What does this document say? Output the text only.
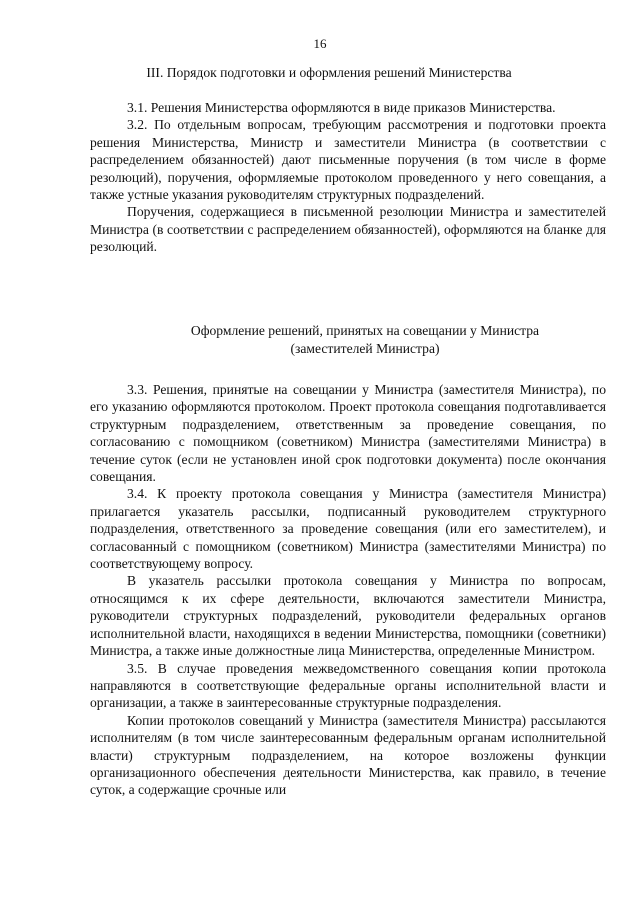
16
III. Порядок подготовки и оформления решений Министерства

3.1. Решения Министерства оформляются в виде приказов Министерства.

3.2. По отдельным вопросам, требующим рассмотрения и подготовки проекта решения Министерства, Министр и заместители Министра (в соответствии с распределением обязанностей) дают письменные поручения (в том числе в форме резолюций), поручения, оформляемые протоколом проведенного у него совещания, а также устные указания руководителям структурных подразделений.

Поручения, содержащиеся в письменной резолюции Министра и заместителей Министра (в соответствии с распределением обязанностей), оформляются на бланке для резолюций.

Оформление решений, принятых на совещании у Министра
(заместителей Министра)

3.3. Решения, принятые на совещании у Министра (заместителя Министра), по его указанию оформляются протоколом. Проект протокола совещания подготавливается структурным подразделением, ответственным за проведение совещания, по согласованию с помощником (советником) Министра (заместителями Министра) в течение суток (если не установлен иной срок подготовки документа) после окончания совещания.

3.4. К проекту протокола совещания у Министра (заместителя Министра) прилагается указатель рассылки, подписанный руководителем структурного подразделения, ответственного за проведение совещания (или его заместителем), и согласованный с помощником (советником) Министра (заместителями Министра) по соответствующему вопросу.

В указатель рассылки протокола совещания у Министра по вопросам, относящимся к их сфере деятельности, включаются заместители Министра, руководители структурных подразделений, руководители федеральных органов исполнительной власти, находящихся в ведении Министерства, помощники (советники) Министра, а также иные должностные лица Министерства, определенные Министром.

3.5. В случае проведения межведомственного совещания копии протокола направляются в соответствующие федеральные органы исполнительной власти и организации, а также в заинтересованные структурные подразделения.

Копии протоколов совещаний у Министра (заместителя Министра) рассылаются исполнителям (в том числе заинтересованным федеральным органам исполнительной власти) структурным подразделением, на которое возложены функции организационного обеспечения деятельности Министерства, как правило, в течение суток, а содержащие срочные или
